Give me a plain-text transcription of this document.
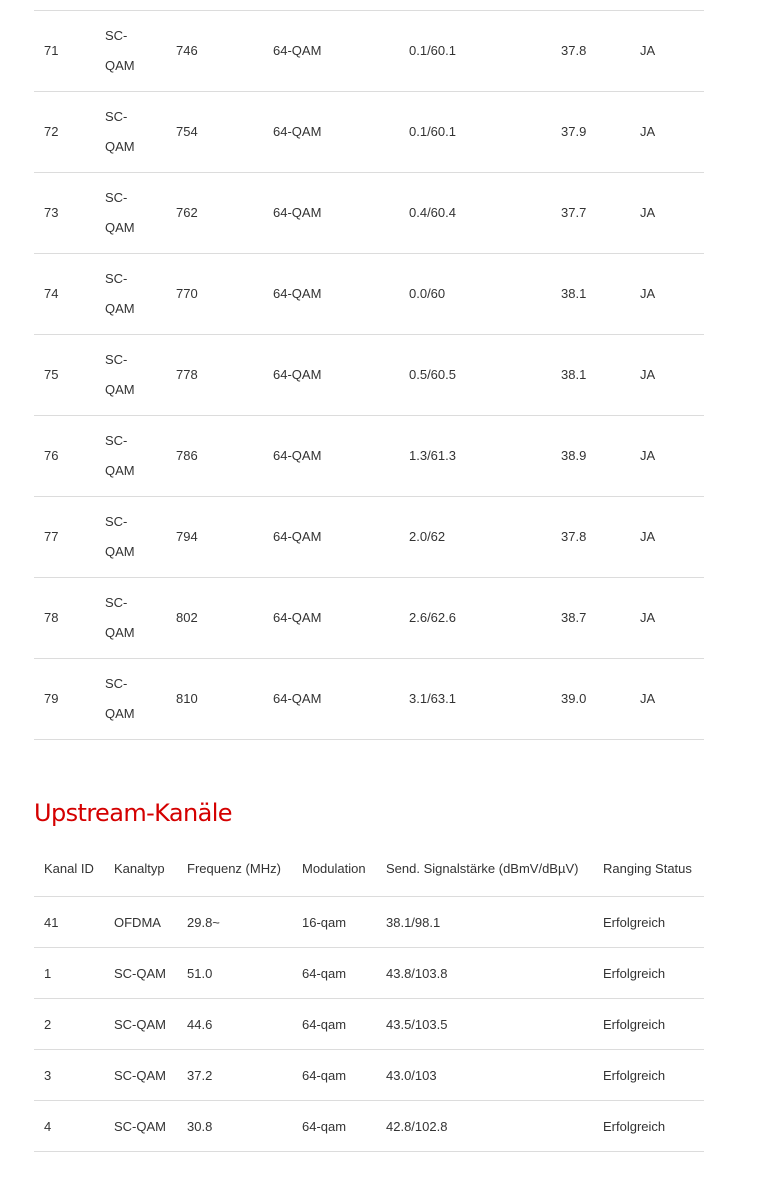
71	SC-
QAM	746	64-QAM	0.1/60.1	37.8	JA
72	SC-
QAM	754	64-QAM	0.1/60.1	37.9	JA
73	SC-
QAM	762	64-QAM	0.4/60.4	37.7	JA
74	SC-
QAM	770	64-QAM	0.0/60	38.1	JA
75	SC-
QAM	778	64-QAM	0.5/60.5	38.1	JA
76	SC-
QAM	786	64-QAM	1.3/61.3	38.9	JA
77	SC-
QAM	794	64-QAM	2.0/62	37.8	JA
78	SC-
QAM	802	64-QAM	2.6/62.6	38.7	JA
79	SC-
QAM	810	64-QAM	3.1/63.1	39.0	JA
Upstream-Kanäle
Kanal ID	Kanaltyp	Frequenz (MHz)	Modulation	Send. Signalstärke (dBmV/dBµV)	Ranging Status
41	OFDMA	29.8~	16-qam	38.1/98.1	Erfolgreich
1	SC-QAM	51.0	64-qam	43.8/103.8	Erfolgreich
2	SC-QAM	44.6	64-qam	43.5/103.5	Erfolgreich
3	SC-QAM	37.2	64-qam	43.0/103	Erfolgreich
4	SC-QAM	30.8	64-qam	42.8/102.8	Erfolgreich
